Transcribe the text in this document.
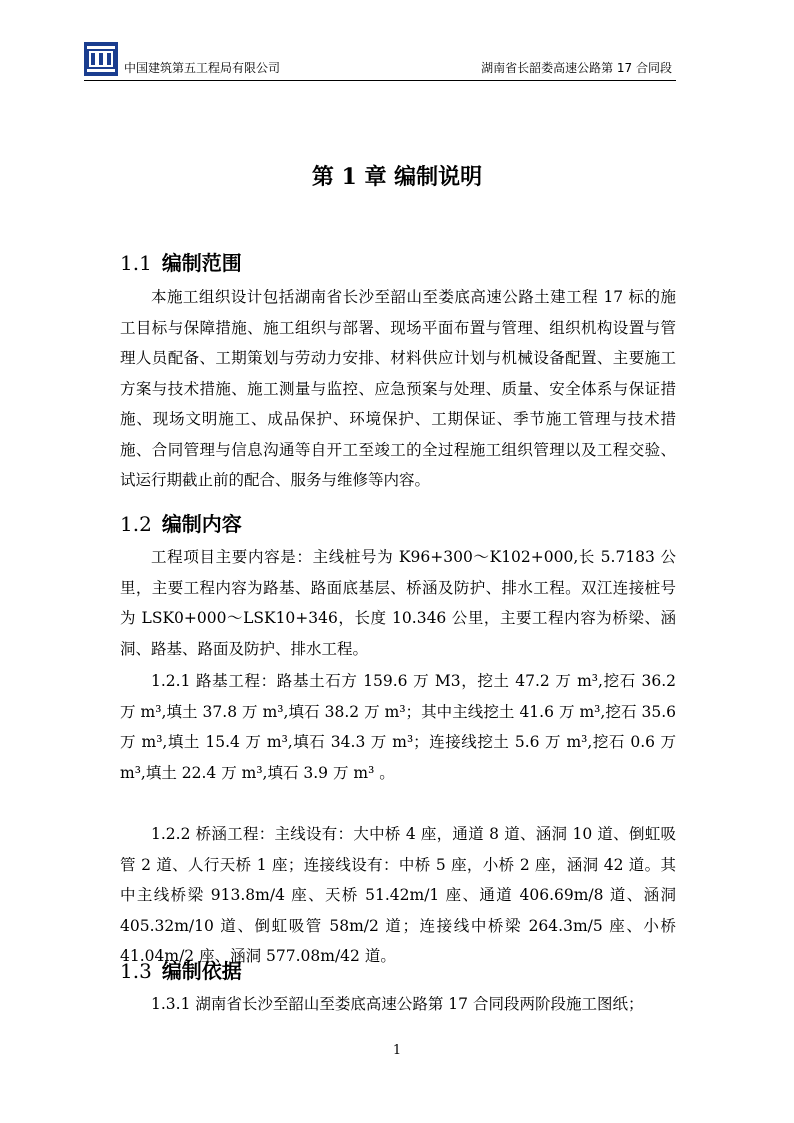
中国建筑第五工程局有限公司	湖南省长韶娄高速公路第 17 合同段
第 1 章 编制说明
1.1 编制范围

本施工组织设计包括湖南省长沙至韶山至娄底高速公路土建工程 17 标的施工目标与保障措施、施工组织与部署、现场平面布置与管理、组织机构设置与管理人员配备、工期策划与劳动力安排、材料供应计划与机械设备配置、主要施工方案与技术措施、施工测量与监控、应急预案与处理、质量、安全体系与保证措施、现场文明施工、成品保护、环境保护、工期保证、季节施工管理与技术措施、合同管理与信息沟通等自开工至竣工的全过程施工组织管理以及工程交验、试运行期截止前的配合、服务与维修等内容。

1.2 编制内容

工程项目主要内容是：主线桩号为 K96+300～K102+000,长 5.7183 公里，主要工程内容为路基、路面底基层、桥涵及防护、排水工程。双江连接桩号为 LSK0+000～LSK10+346，长度 10.346 公里，主要工程内容为桥梁、涵洞、路基、路面及防护、排水工程。

1.2.1 路基工程：路基土石方 159.6 万 M3，挖土 47.2 万 m³,挖石 36.2 万 m³,填土 37.8 万 m³,填石 38.2 万 m³；其中主线挖土 41.6 万 m³,挖石 35.6 万 m³,填土 15.4 万 m³,填石 34.3 万 m³；连接线挖土 5.6 万 m³,挖石 0.6 万 m³,填土 22.4 万 m³,填石 3.9 万 m³ 。

1.2.2 桥涵工程：主线设有：大中桥 4 座，通道 8 道、涵洞 10 道、倒虹吸管 2 道、人行天桥 1 座；连接线设有：中桥 5 座，小桥 2 座，涵洞 42 道。其中主线桥梁 913.8m/4 座、天桥 51.42m/1 座、通道 406.69m/8 道、涵洞 405.32m/10 道、倒虹吸管 58m/2 道；连接线中桥梁 264.3m/5 座、小桥 41.04m/2 座、涵洞 577.08m/42 道。

1.3 编制依据

1.3.1 湖南省长沙至韶山至娄底高速公路第 17 合同段两阶段施工图纸；

1
